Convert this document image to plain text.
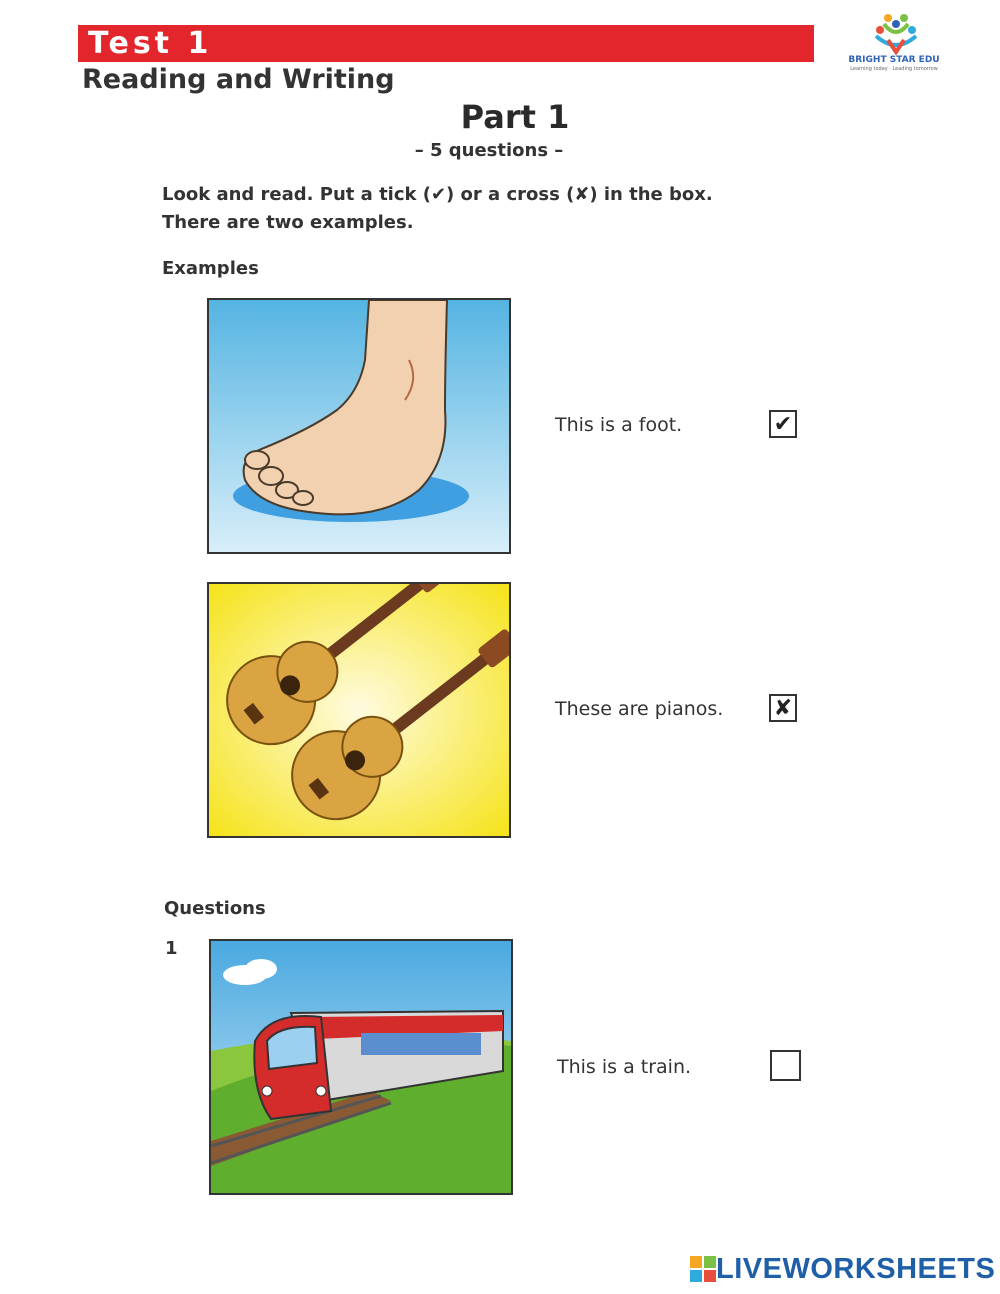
Test 1
Reading and Writing
BRIGHT STAR EDU
Learning today · Leading tomorrow
Part 1
– 5 questions –
Look and read. Put a tick (✔) or a cross (✘) in the box.
There are two examples.
Examples
This is a foot.	✔
These are pianos. ✘
Questions
1
This is a train.
LIVEWORKSHEETS
